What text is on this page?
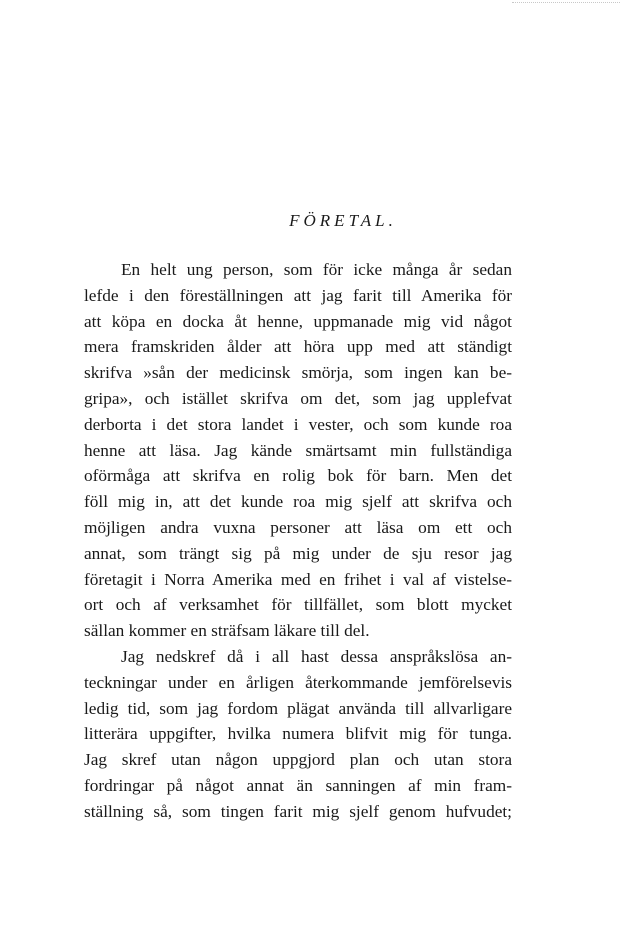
FÖRETAL.
En helt ung person, som för icke många år sedan
lefde i den föreställningen att jag farit till Amerika för
att köpa en docka åt henne, uppmanade mig vid något
mera framskriden ålder att höra upp med att ständigt
skrifva »sån der medicinsk smörja, som ingen kan be-
gripa», och istället skrifva om det, som jag upplefvat
derborta i det stora landet i vester, och som kunde roa
henne att läsa. Jag kände smärtsamt min fullständiga
oförmåga att skrifva en rolig bok för barn. Men det
föll mig in, att det kunde roa mig sjelf att skrifva och
möjligen andra vuxna personer att läsa om ett och
annat, som trängt sig på mig under de sju resor jag
företagit i Norra Amerika med en frihet i val af vistelse-
ort och af verksamhet för tillfället, som blott mycket
sällan kommer en sträfsam läkare till del.
Jag nedskref då i all hast dessa anspråkslösa an-
teckningar under en årligen återkommande jemförelsevis
ledig tid, som jag fordom plägat använda till allvarligare
litterära uppgifter, hvilka numera blifvit mig för tunga.
Jag skref utan någon uppgjord plan och utan stora
fordringar på något annat än sanningen af min fram-
ställning så, som tingen farit mig sjelf genom hufvudet;
